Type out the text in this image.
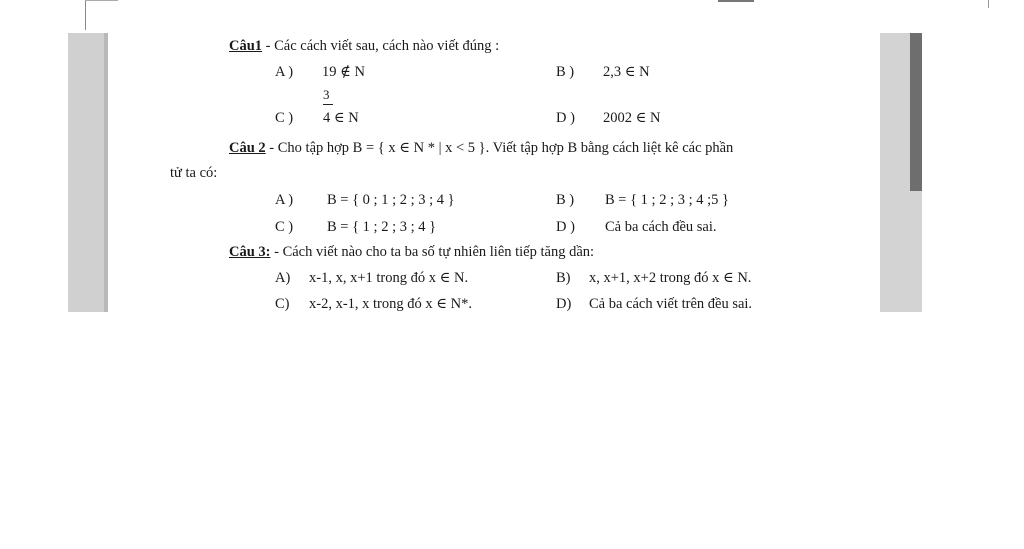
Câu1 - Các cách viết sau, cách nào viết đúng :
A ) 19 ∉ N	B ) 2,3 ∈ N
C )
3
4 ∈ N	D ) 2002 ∈ N
Câu 2 - Cho tập hợp B = { x ∈ N * | x < 5 }. Viết tập hợp B bằng cách liệt kê các phần
tử ta có:
A ) B = { 0 ; 1 ; 2 ; 3 ; 4 }	B ) B = { 1 ; 2 ; 3 ; 4 ;5 }
C ) B = { 1 ; 2 ; 3 ; 4 }	D ) Cả ba cách đều sai.
Câu 3: - Cách viết nào cho ta ba số tự nhiên liên tiếp tăng dần:
A) x-1, x, x+1 trong đó x ∈ N.	B) x, x+1, x+2 trong đó x ∈ N.
C) x-2, x-1, x trong đó x ∈ N*.	D) Cả ba cách viết trên đều sai.
